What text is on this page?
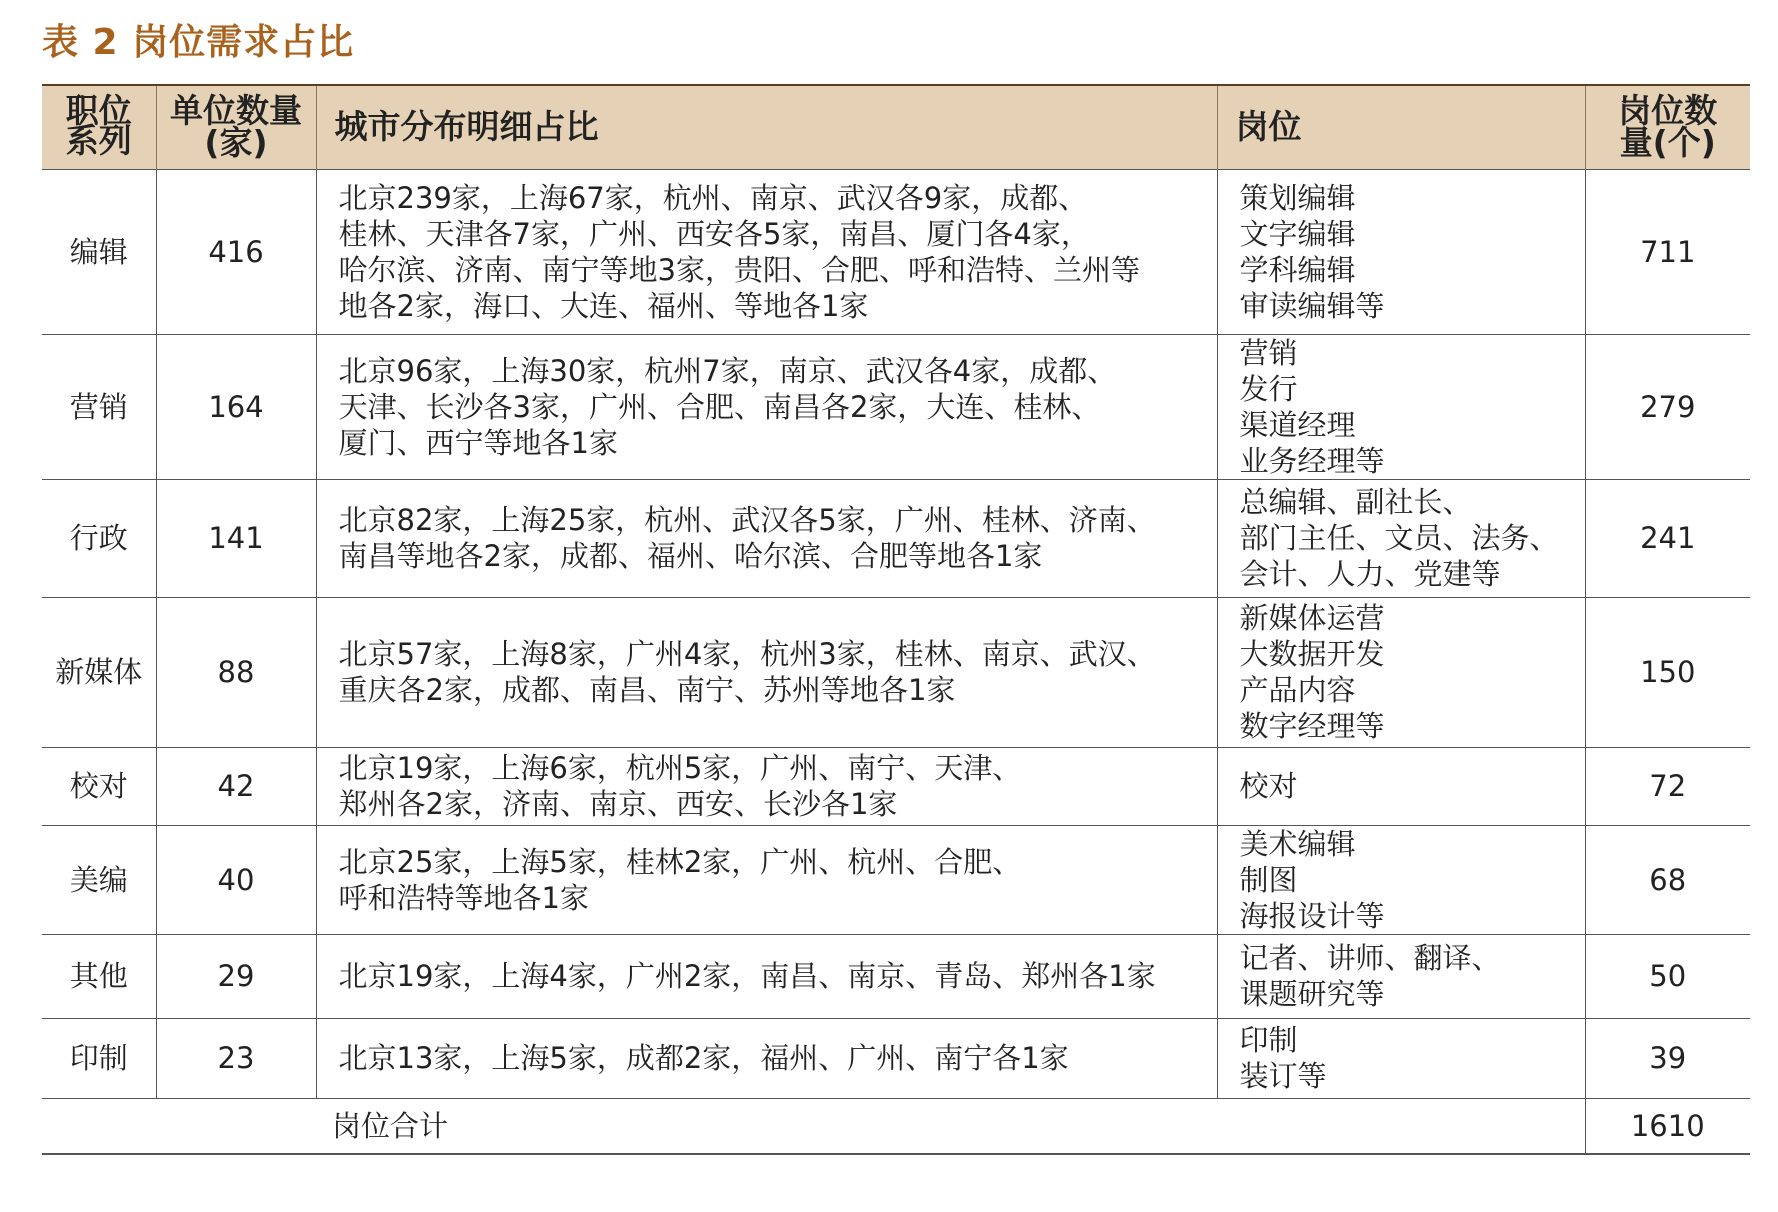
表 2 岗位需求占比
职位系列	单位数量(家)	城市分布明细占比	岗位	岗位数量(个)
编辑	416	北京239家，上海67家，杭州、南京、武汉各9家，成都、
桂林、天津各7家，广州、西安各5家，南昌、厦门各4家，
哈尔滨、济南、南宁等地3家，贵阳、合肥、呼和浩特、兰州等
地各2家，海口、大连、福州、等地各1家	策划编辑
文字编辑
学科编辑
审读编辑等	711
营销	164	北京96家，上海30家，杭州7家，南京、武汉各4家，成都、
天津、长沙各3家，广州、合肥、南昌各2家，大连、桂林、
厦门、西宁等地各1家	营销
发行
渠道经理
业务经理等	279
行政	141	北京82家，上海25家，杭州、武汉各5家，广州、桂林、济南、
南昌等地各2家，成都、福州、哈尔滨、合肥等地各1家	总编辑、副社长、
部门主任、文员、法务、
会计、人力、党建等	241
新媒体	88	北京57家，上海8家，广州4家，杭州3家，桂林、南京、武汉、
重庆各2家，成都、南昌、南宁、苏州等地各1家	新媒体运营
大数据开发
产品内容
数字经理等	150
校对	42	北京19家，上海6家，杭州5家，广州、南宁、天津、
郑州各2家，济南、南京、西安、长沙各1家	校对	72
美编	40	北京25家，上海5家，桂林2家，广州、杭州、合肥、
呼和浩特等地各1家	美术编辑
制图
海报设计等	68
其他	29	北京19家，上海4家，广州2家，南昌、南京、青岛、郑州各1家	记者、讲师、翻译、
课题研究等	50
印制	23	北京13家，上海5家，成都2家，福州、广州、南宁各1家	印制
装订等	39
岗位合计				1610
